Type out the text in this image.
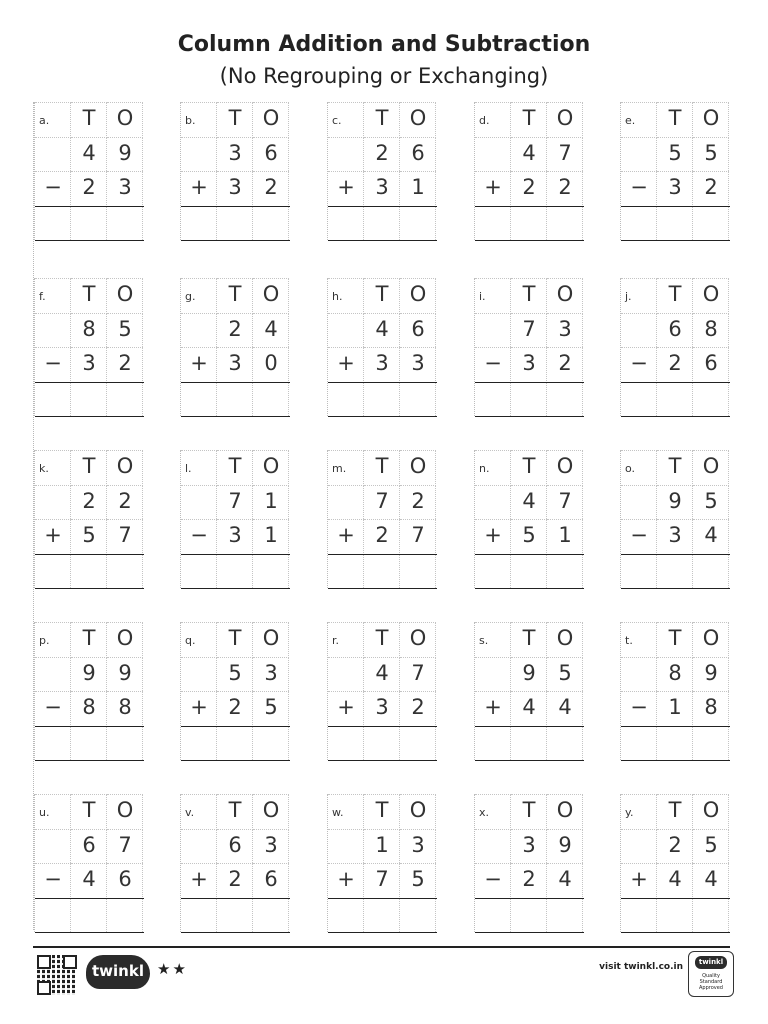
Column Addition and Subtraction
(No Regrouping or Exchanging)
a.	T	O
4	9
− 2	3
b.	T	O
3	6
+ 3	2
c.	T	O
2	6
+ 3	1
d.	T	O
4	7
+ 2	2
e.	T	O
5	5
− 3	2
f.	T	O
8	5
− 3	2
g.	T	O
2	4
+ 3	0
h.	T	O
4	6
+ 3	3
i.	T	O
7	3
− 3	2
j.	T	O
6	8
− 2	6
k.	T	O
2	2
+ 5	7
l.	T	O
7	1
− 3	1
m.	T	O
7	2
+ 2	7
n.	T	O
4	7
+ 5	1
o.	T	O
9	5
− 3	4
p.	T	O
9	9
− 8	8
q.	T	O
5	3
+ 2	5
r.	T	O
4	7
+ 3	2
s.	T	O
9	5
+ 4	4
t.	T	O
8	9
− 1	8
u.	T	O
6	7
− 4	6
v.	T	O
6	3
+ 2	6
w.	T	O
1	3
+ 7	5
x.	T	O
3	9
− 2	4
y.	T	O
2	5
+ 4	4
twinkl ★★	visit twinkl.co.in	twinkl
Quality Standard Approved
